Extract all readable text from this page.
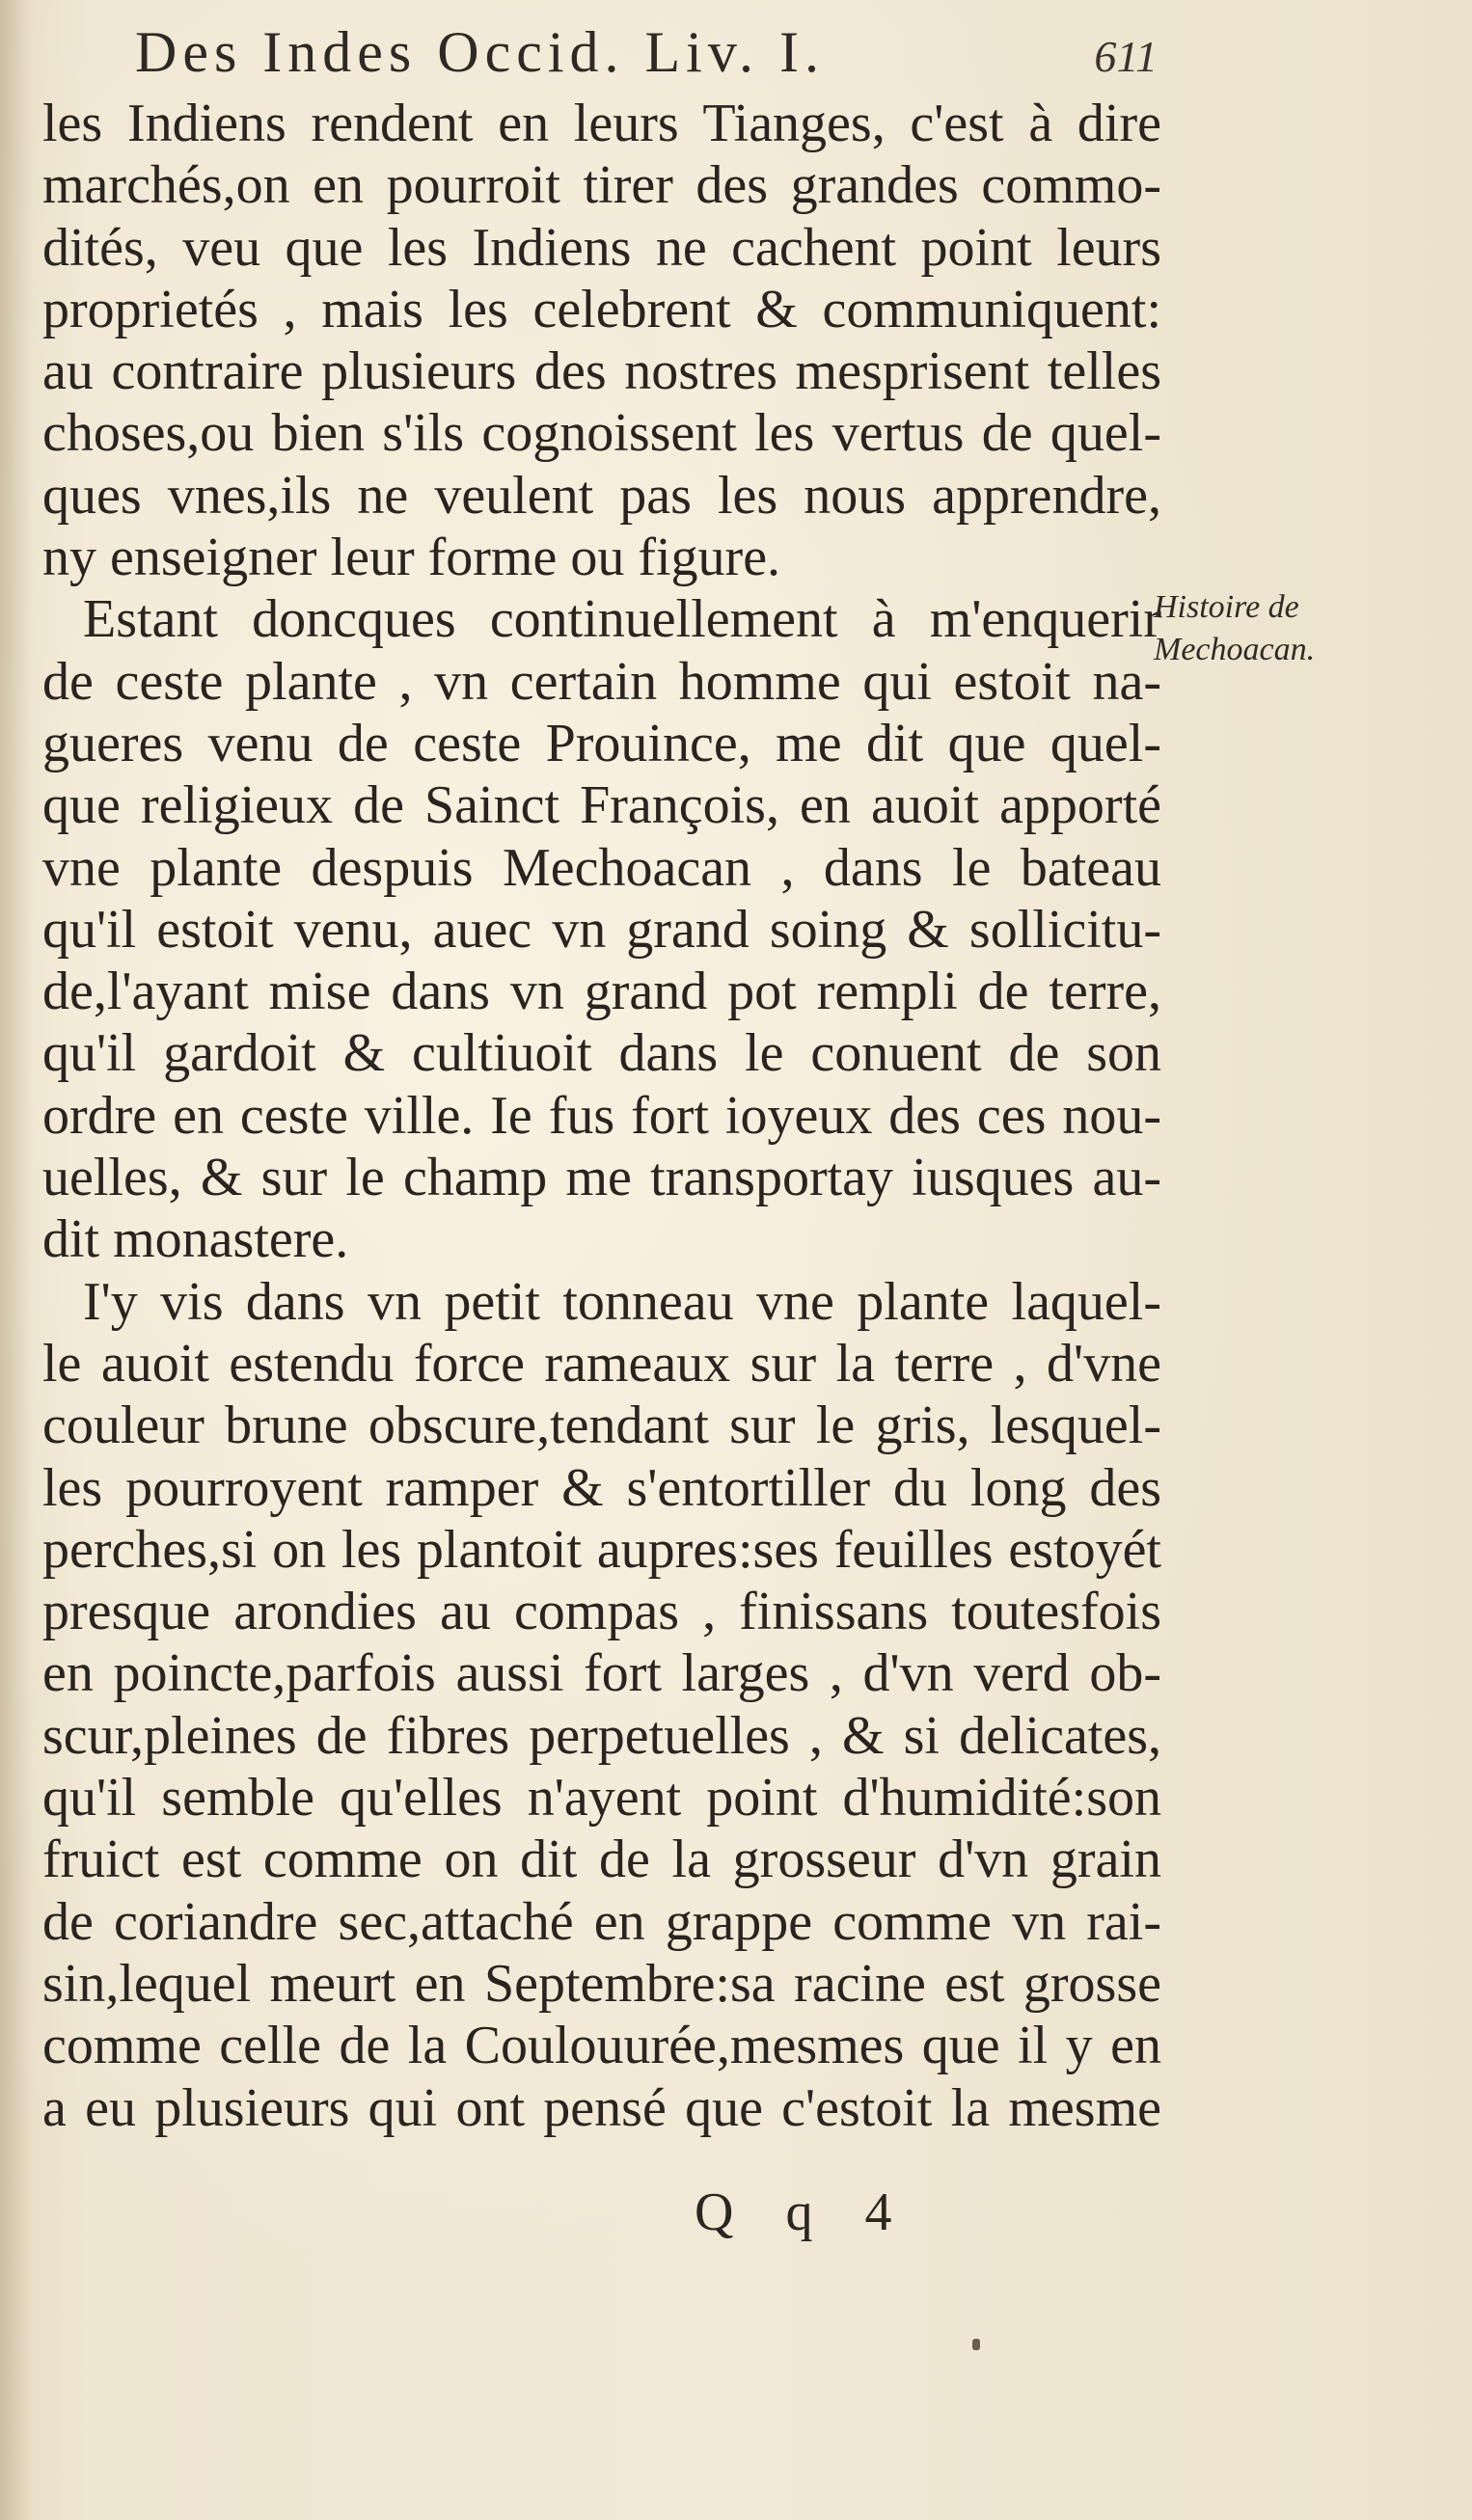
Des Indes Occid. Liv. I.	611
les Indiens rendent en leurs Tianges, c'est à dire
marchés,on en pourroit tirer des grandes commo-
dités, veu que les Indiens ne cachent point leurs
proprietés , mais les celebrent & communiquent:
au contraire plusieurs des nostres mesprisent telles
choses,ou bien s'ils cognoissent les vertus de quel-
ques vnes,ils ne veulent pas les nous apprendre,
ny enseigner leur forme ou figure.
Estant doncques continuellement à m'enquerir
de ceste plante , vn certain homme qui estoit na-
gueres venu de ceste Prouince, me dit que quel-
que religieux de Sainct François, en auoit apporté
vne plante despuis Mechoacan , dans le bateau
qu'il estoit venu, auec vn grand soing & sollicitu-
de,l'ayant mise dans vn grand pot rempli de terre,
qu'il gardoit & cultiuoit dans le conuent de son
ordre en ceste ville. Ie fus fort ioyeux des ces nou-
uelles, & sur le champ me transportay iusques au-
dit monastere.
I'y vis dans vn petit tonneau vne plante laquel-
le auoit estendu force rameaux sur la terre , d'vne
couleur brune obscure,tendant sur le gris, lesquel-
les pourroyent ramper & s'entortiller du long des
perches,si on les plantoit aupres:ses feuilles estoyét
presque arondies au compas , finissans toutesfois
en poincte,parfois aussi fort larges , d'vn verd ob-
scur,pleines de fibres perpetuelles , & si delicates,
qu'il semble qu'elles n'ayent point d'humidité:son
fruict est comme on dit de la grosseur d'vn grain
de coriandre sec,attaché en grappe comme vn rai-
sin,lequel meurt en Septembre:sa racine est grosse
comme celle de la Coulouurée,mesmes que il y en
a eu plusieurs qui ont pensé que c'estoit la mesme
Histoire de
Mechoacan.
Q q 4
